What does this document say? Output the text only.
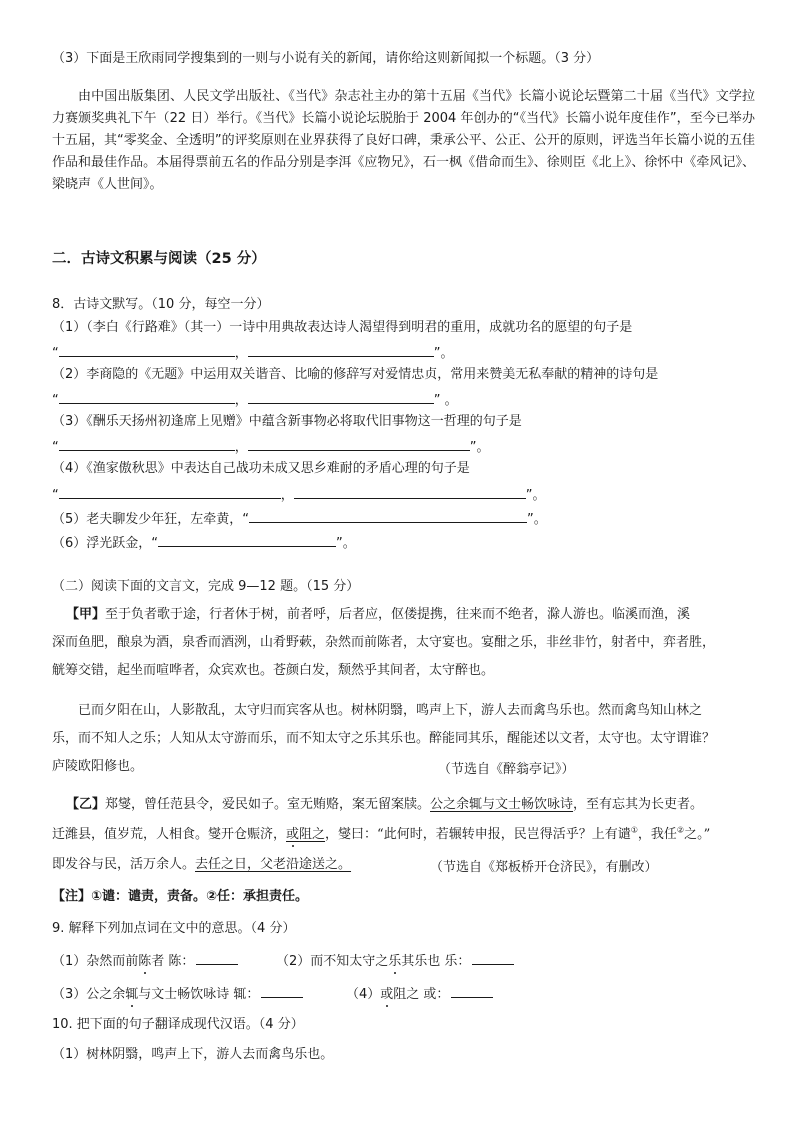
（3）下面是王欣雨同学搜集到的一则与小说有关的新闻，请你给这则新闻拟一个标题。（3 分）
由中国出版集团、人民文学出版社、《当代》杂志社主办的第十五届《当代》长篇小说论坛暨第二十届《当代》文学拉力赛颁奖典礼下午（22 日）举行。《当代》长篇小说论坛脱胎于 2004 年创办的“《当代》长篇小说年度佳作”，至今已举办十五届，其“零奖金、全透明”的评奖原则在业界获得了良好口碑，秉承公平、公正、公开的原则，评选当年长篇小说的五佳作品和最佳作品。本届得票前五名的作品分别是李洱《应物兄》，石一枫《借命而生》、徐则臣《北上》、徐怀中《牵风记》、梁晓声《人世间》。
二．古诗文积累与阅读（25 分）
8．古诗文默写。（10 分，每空一分）
（1）（李白《行路难》（其一）一诗中用典故表达诗人渴望得到明君的重用，成就功名的愿望的句子是
“	，	”。
（2）李商隐的《无题》中运用双关谐音、比喻的修辞写对爱情忠贞，常用来赞美无私奉献的精神的诗句是
“	，	” 。
（3）《酬乐天扬州初逢席上见赠》中蕴含新事物必将取代旧事物这一哲理的句子是
“	，	”。
（4）《渔家傲秋思》中表达自己战功未成又思乡难耐的矛盾心理的句子是
“	，	”。
（5）老夫聊发少年狂，左牵黄，“	”。
（6）浮光跃金，“	”。
（二）阅读下面的文言文，完成 9—12 题。（15 分）
【甲】至于负者歌于途，行者休于树，前者呼，后者应，伛偻提携，往来而不绝者，滁人游也。临溪而渔，溪
深而鱼肥，酿泉为酒，泉香而酒洌，山肴野蔌，杂然而前陈者，太守宴也。宴酣之乐，非丝非竹，射者中，弈者胜，
觥筹交错，起坐而喧哗者，众宾欢也。苍颜白发，颓然乎其间者，太守醉也。
已而夕阳在山，人影散乱，太守归而宾客从也。树林阴翳，鸣声上下，游人去而禽鸟乐也。然而禽鸟知山林之
乐，而不知人之乐；人知从太守游而乐，而不知太守之乐其乐也。醉能同其乐，醒能述以文者，太守也。太守谓谁？
庐陵欧阳修也。	（节选自《醉翁亭记》）
【乙】郑燮，曾任范县令，爱民如子。室无贿赂，案无留案牍。公之余辄与文士畅饮咏诗，至有忘其为长吏者。
迁潍县，值岁荒，人相食。燮开仓赈济，或阻之，燮曰：“此何时，若辗转申报，民岂得活乎？上有谴①，我任②之。”
即发谷与民，活万余人。去任之日，父老沿途送之。	（节选自《郑板桥开仓济民》，有删改）
【注】①谴：谴责，责备。②任：承担责任。
9. 解释下列加点词在文中的意思。（4 分）
（1）杂然而前陈者 陈：	（2）而不知太守之乐其乐也 乐：
（3）公之余辄与文士畅饮咏诗 辄：	（4）或阻之 或：
10. 把下面的句子翻译成现代汉语。（4 分）
（1）树林阴翳，鸣声上下，游人去而禽鸟乐也。
